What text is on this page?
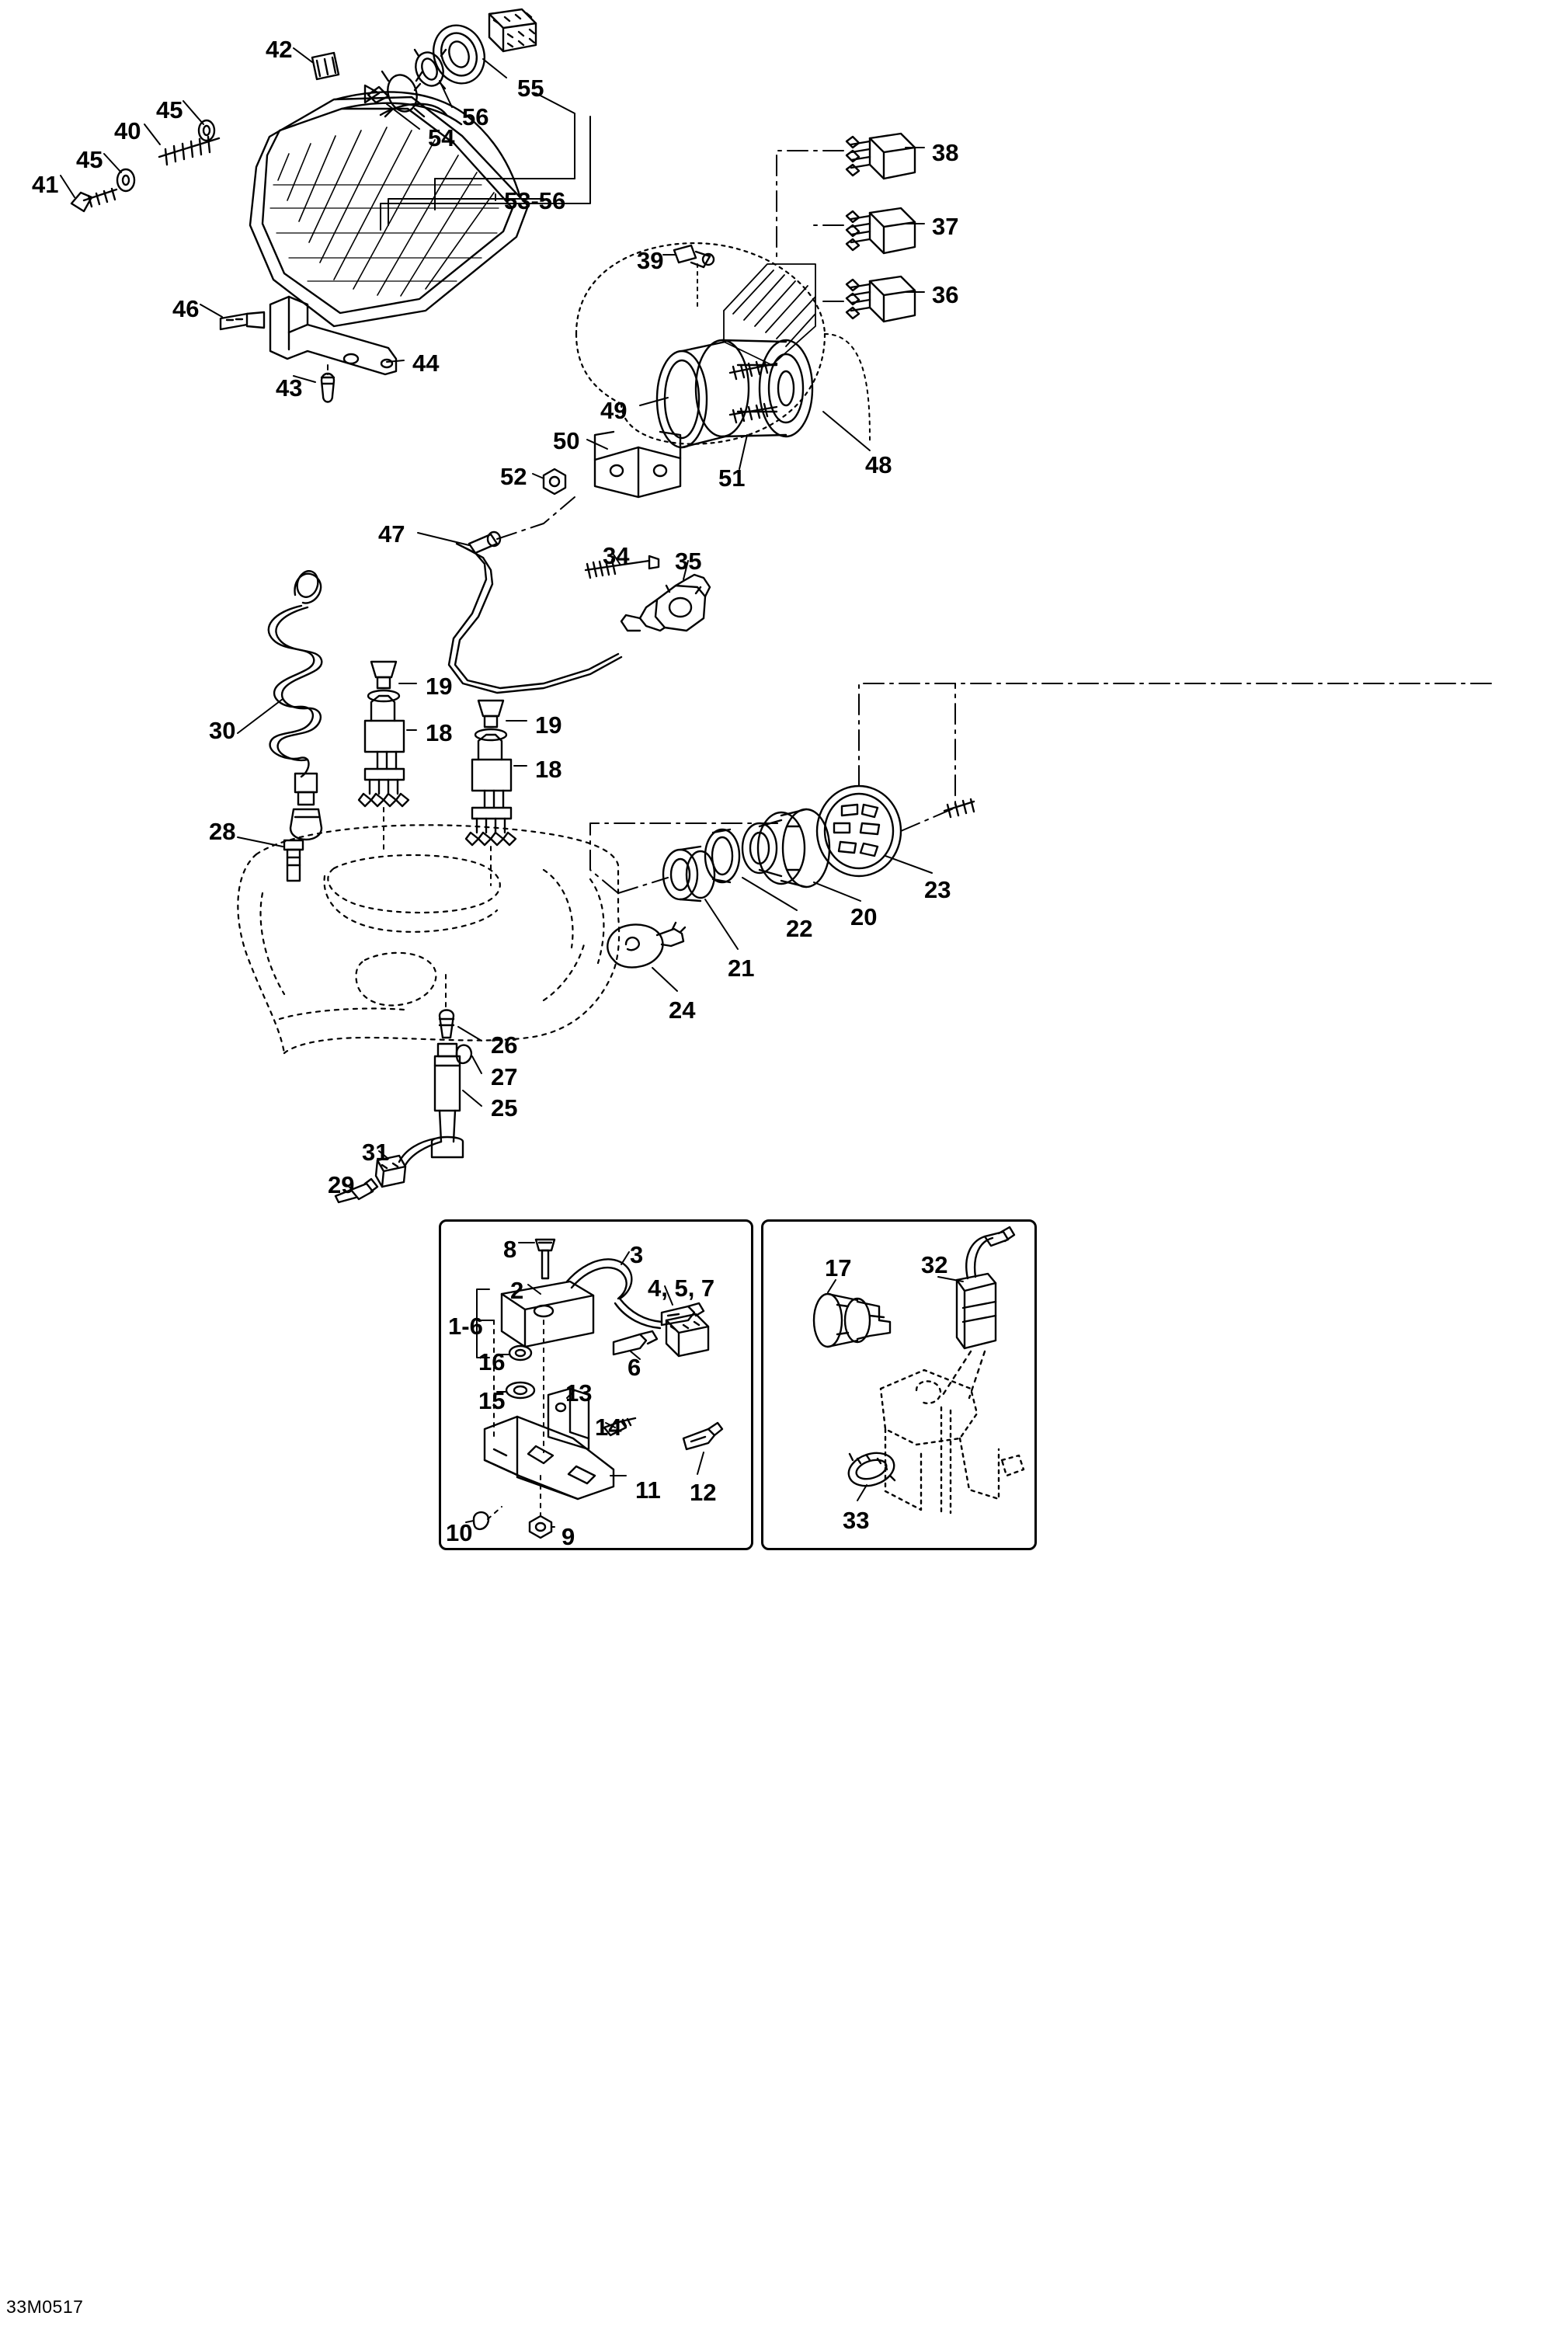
42
45
40
45
41
55
56
54
53-56
38
37
36
39
46
44
43
49
50
52	51	48
47
34 35
19
18	19
18
30
28
23
20
22
21
24
26
27
25
31
29
8	3
2	4, 5, 7
1-6
16	6
15	13
14
11 12
10	9
17	32
33
33M0517
